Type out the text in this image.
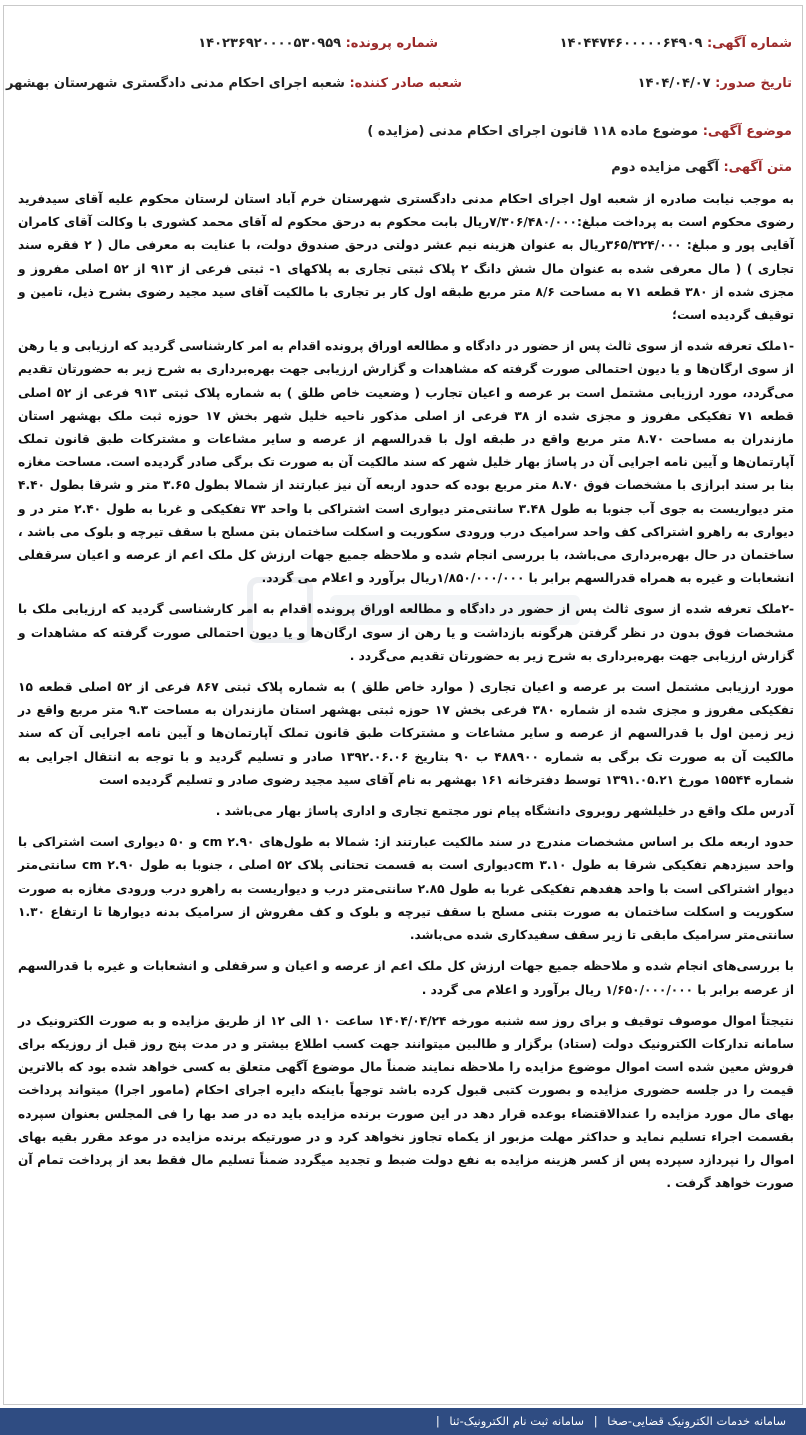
شماره آگهی: ۱۴۰۴۴۷۴۶۰۰۰۰۰۶۴۹۰۹
شماره پرونده: ۱۴۰۲۳۶۹۲۰۰۰۰۵۳۰۹۵۹
تاریخ صدور: ۱۴۰۴/۰۴/۰۷
شعبه صادر کننده: شعبه اجرای احکام مدنی دادگستری شهرستان بهشهر
موضوع آگهی: موضوع ماده ۱۱۸ قانون اجرای احکام مدنی (مزایده )
متن آگهی: آگهی مزایده دوم

به موجب نیابت صادره از شعبه اول اجرای احکام مدنی دادگستری شهرستان خرم آباد استان لرستان محکوم علیه آقای سیدفرید رضوی محکوم است به پرداخت مبلغ:۷/۳۰۶/۴۸۰/۰۰۰ریال بابت محکوم به درحق محکوم له آقای محمد کشوری با وکالت آقای کامران آقایی پور و مبلغ: ۳۶۵/۳۲۴/۰۰۰ریال به عنوان هزینه نیم عشر دولتی درحق صندوق دولت، با عنایت به معرفی مال ( ۲ فقره سند تجاری ) ( مال معرفی شده به عنوان مال شش دانگ ۲ پلاک ثبتی تجاری به پلاکهای ۱- ثبتی فرعی از ۹۱۳ از ۵۲ اصلی مفروز و مجزی شده از ۳۸۰ قطعه ۷۱ به مساحت ۸/۶ متر مربع طبقه اول کار بر تجاری با مالکیت آقای سید مجید رضوی بشرح ذیل، تامین و توقیف گردیده است؛

-۱ملک تعرفه شده از سوی ثالث پس از حضور در دادگاه و مطالعه اوراق پرونده اقدام به امر کارشناسی گردید که ارزیابی و یا رهن از سوی ارگان‌ها و یا دیون احتمالی صورت گرفته که مشاهدات و گزارش ارزیابی جهت بهره‌برداری به شرح زیر به حضورتان تقدیم می‌گردد، مورد ارزیابی مشتمل است بر عرصه و اعیان تجارب ( وضعیت خاص طلق ) به شماره پلاک ثبتی ۹۱۳ فرعی از ۵۲ اصلی قطعه ۷۱ تفکیکی مفروز و مجزی شده از ۳۸ فرعی از اصلی مذکور ناحیه خلیل شهر بخش ۱۷ حوزه ثبت ملک بهشهر استان مازندران به مساحت ۸.۷۰ متر مربع واقع در طبقه اول با قدرالسهم از عرصه و سایر مشاعات و مشترکات طبق قانون تملک آپارتمان‌ها و آیین نامه اجرایی آن در پاساژ بهار خلیل شهر که سند مالکیت آن به صورت تک برگی صادر گردیده است. مساحت مغازه بنا بر سند ابرازی با مشخصات فوق ۸.۷۰ متر مربع بوده که حدود اربعه آن نیز عبارتند از شمالا بطول ۳.۶۵ متر و شرقا بطول ۴.۴۰ متر دیواریست به جوی آب جنوبا به طول ۳.۴۸ سانتی‌متر دیواری است اشتراکی با واحد ۷۳ تفکیکی و غربا به طول ۲.۴۰ متر در و دیواری به راهرو اشتراکی کف واحد سرامیک درب ورودی سکوریت و اسکلت ساختمان بتن مسلح با سقف تیرچه و بلوک می باشد ، ساختمان در حال بهره‌برداری می‌باشد، با بررسی انجام شده و ملاحظه جمیع جهات ارزش کل ملک اعم از عرصه و اعیان سرقفلی انشعابات و غیره به همراه قدرالسهم برابر با ۱/۸۵۰/۰۰۰/۰۰۰ریال برآورد و اعلام می گردد.

-۲ملک تعرفه شده از سوی ثالث پس از حضور در دادگاه و مطالعه اوراق پرونده اقدام به امر کارشناسی گردید که ارزیابی ملک با مشخصات فوق بدون در نظر گرفتن هرگونه بازداشت و یا رهن از سوی ارگان‌ها و یا دیون احتمالی صورت گرفته که مشاهدات و گزارش ارزیابی جهت بهره‌برداری به شرح زیر به حضورتان تقدیم می‌گردد .

مورد ارزیابی مشتمل است بر عرصه و اعیان تجاری ( موارد خاص طلق ) به شماره پلاک ثبتی ۸۶۷ فرعی از ۵۲ اصلی قطعه ۱۵ تفکیکی مفروز و مجزی شده از شماره ۳۸۰ فرعی بخش ۱۷ حوزه ثبتی بهشهر استان مازندران به مساحت ۹.۳ متر مربع واقع در زیر زمین اول با قدرالسهم از عرصه و سایر مشاعات و مشترکات طبق قانون تملک آپارتمان‌ها و آیین نامه اجرایی آن که سند مالکیت آن به صورت تک برگی به شماره ۴۸۸۹۰۰ ب ۹۰ بتاریخ ۱۳۹۲.۰۶.۰۶ صادر و تسلیم گردید و با توجه به انتقال اجرایی به شماره ۱۵۵۴۴ مورخ ۱۳۹۱.۰۵.۲۱ توسط دفترخانه ۱۶۱ بهشهر به نام آقای سید مجید رضوی صادر و تسلیم گردیده است

آدرس ملک واقع در خلیلشهر روبروی دانشگاه پیام نور مجتمع تجاری و اداری پاساژ بهار می‌باشد .

حدود اربعه ملک بر اساس مشخصات مندرج در سند مالکیت عبارتند از: شمالا به طول‌های ۲.۹۰ cm و ۵۰ دیواری است اشتراکی با واحد سیزدهم تفکیکی شرقا به طول ۳.۱۰ cmدیواری است به قسمت تحتانی پلاک ۵۲ اصلی ، جنوبا به طول ۲.۹۰ cm سانتی‌متر دیوار اشتراکی است با واحد هفدهم تفکیکی غربا به طول ۲.۸۵ سانتی‌متر درب و دیواریست به راهرو درب ورودی مغازه به صورت سکوریت و اسکلت ساختمان به صورت بتنی مسلح با سقف تیرچه و بلوک و کف مفروش از سرامیک بدنه دیوارها تا ارتفاع ۱.۳۰ سانتی‌متر سرامیک مابقی تا زیر سقف سفیدکاری شده می‌باشد.

با بررسی‌های انجام شده و ملاحظه جمیع جهات ارزش کل ملک اعم از عرصه و اعیان و سرقفلی و انشعابات و غیره با قدرالسهم از عرصه برابر با ۱/۶۵۰/۰۰۰/۰۰۰ ریال برآورد و اعلام می گردد .

نتیجتاً اموال موصوف توقیف و برای روز سه شنبه مورخه ۱۴۰۴/۰۴/۲۴ ساعت ۱۰ الی ۱۲ از طریق مزایده و به صورت الکترونیک در سامانه تدارکات الکترونیک دولت (ستاد) برگزار و طالبین میتوانند جهت کسب اطلاع بیشتر و در مدت پنج روز قبل از روزیکه برای فروش معین شده است اموال موضوع مزایده را ملاحظه نمایند ضمناً مال موضوع آگهی متعلق به کسی خواهد شده بود که بالاترین قیمت را در جلسه حضوری مزایده و بصورت کتبی قبول کرده باشد توجهاً باینکه دایره اجرای احکام (مامور اجرا) میتواند پرداخت بهای مال مورد مزایده را عندالاقتضاء بوعده قرار دهد در این صورت برنده مزایده باید ده در صد بها را فی المجلس بعنوان سپرده بقسمت اجراء تسلیم نماید و حداکثر مهلت مزبور از یکماه تجاوز نخواهد کرد و در صورتیکه برنده مزایده در موعد مقرر بقیه بهای اموال را نپردازد سپرده پس از کسر هزینه مزایده به نفع دولت ضبط و تجدید میگردد ضمناً تسلیم مال فقط بعد از پرداخت تمام آن صورت خواهد گرفت .

سامانه خدمات الکترونیک قضایی-صخا | سامانه ثبت نام الکترونیک-ثنا |
